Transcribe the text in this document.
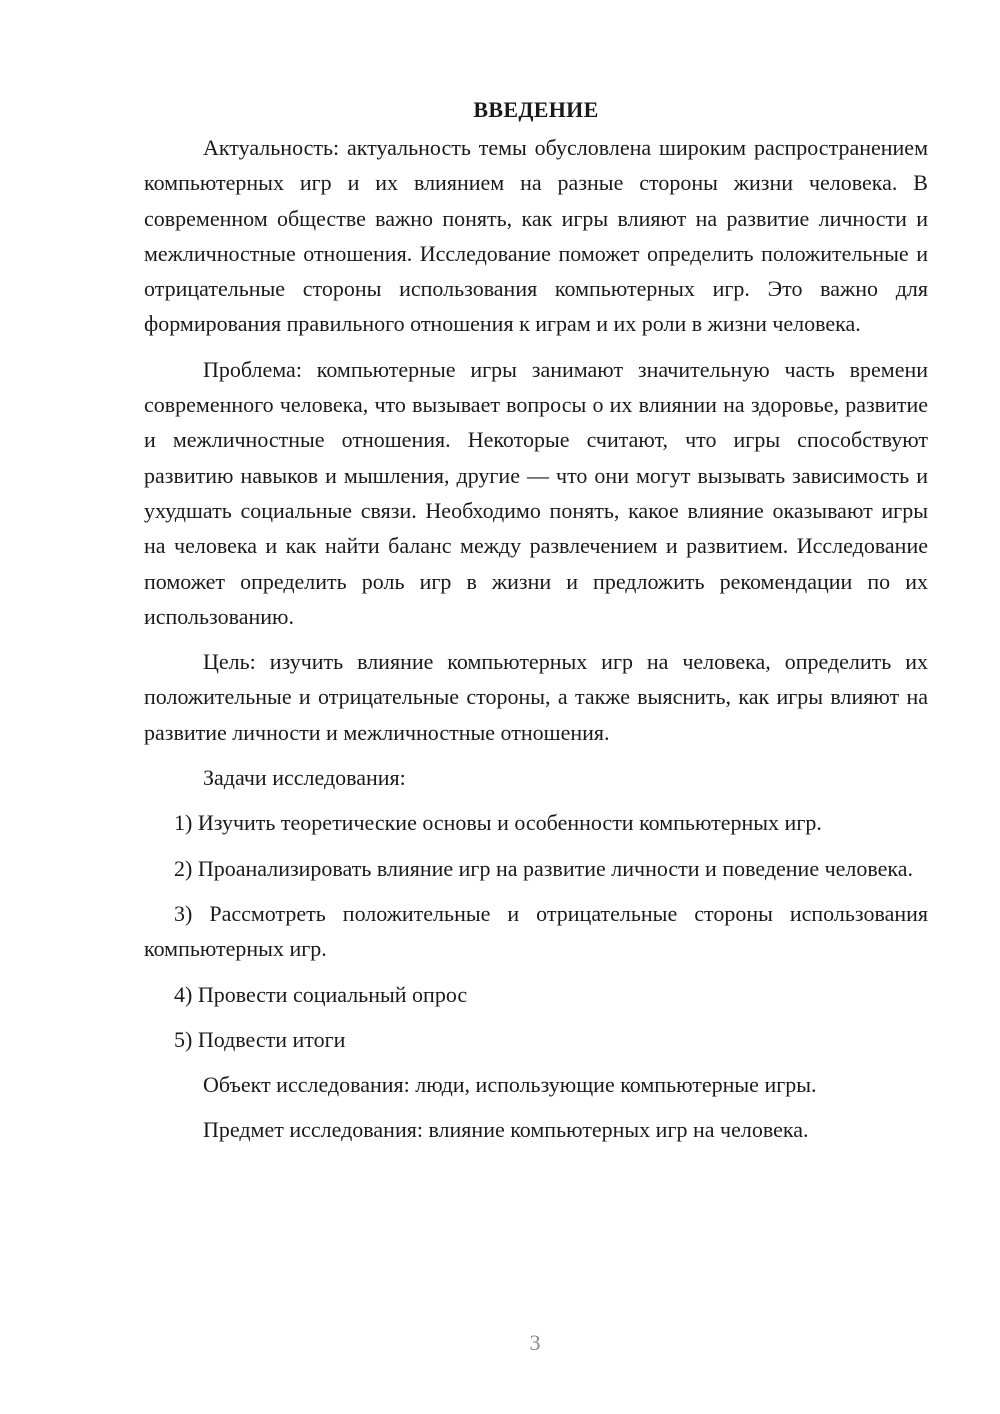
ВВЕДЕНИЕ

Актуальность: актуальность темы обусловлена широким распространением компьютерных игр и их влиянием на разные стороны жизни человека. В современном обществе важно понять, как игры влияют на развитие личности и межличностные отношения. Исследование поможет определить положительные и отрицательные стороны использования компьютерных игр. Это важно для формирования правильного отношения к играм и их роли в жизни человека.

Проблема: компьютерные игры занимают значительную часть времени современного человека, что вызывает вопросы о их влиянии на здоровье, развитие и межличностные отношения. Некоторые считают, что игры способствуют развитию навыков и мышления, другие — что они могут вызывать зависимость и ухудшать социальные связи. Необходимо понять, какое влияние оказывают игры на человека и как найти баланс между развлечением и развитием. Исследование поможет определить роль игр в жизни и предложить рекомендации по их использованию.

Цель: изучить влияние компьютерных игр на человека, определить их положительные и отрицательные стороны, а также выяснить, как игры влияют на развитие личности и межличностные отношения.

Задачи исследования:

1) Изучить теоретические основы и особенности компьютерных игр.

2) Проанализировать влияние игр на развитие личности и поведение человека.

3) Рассмотреть положительные и отрицательные стороны использования компьютерных игр.

4) Провести социальный опрос

5) Подвести итоги

Объект исследования: люди, использующие компьютерные игры.

Предмет исследования: влияние компьютерных игр на человека.

3
